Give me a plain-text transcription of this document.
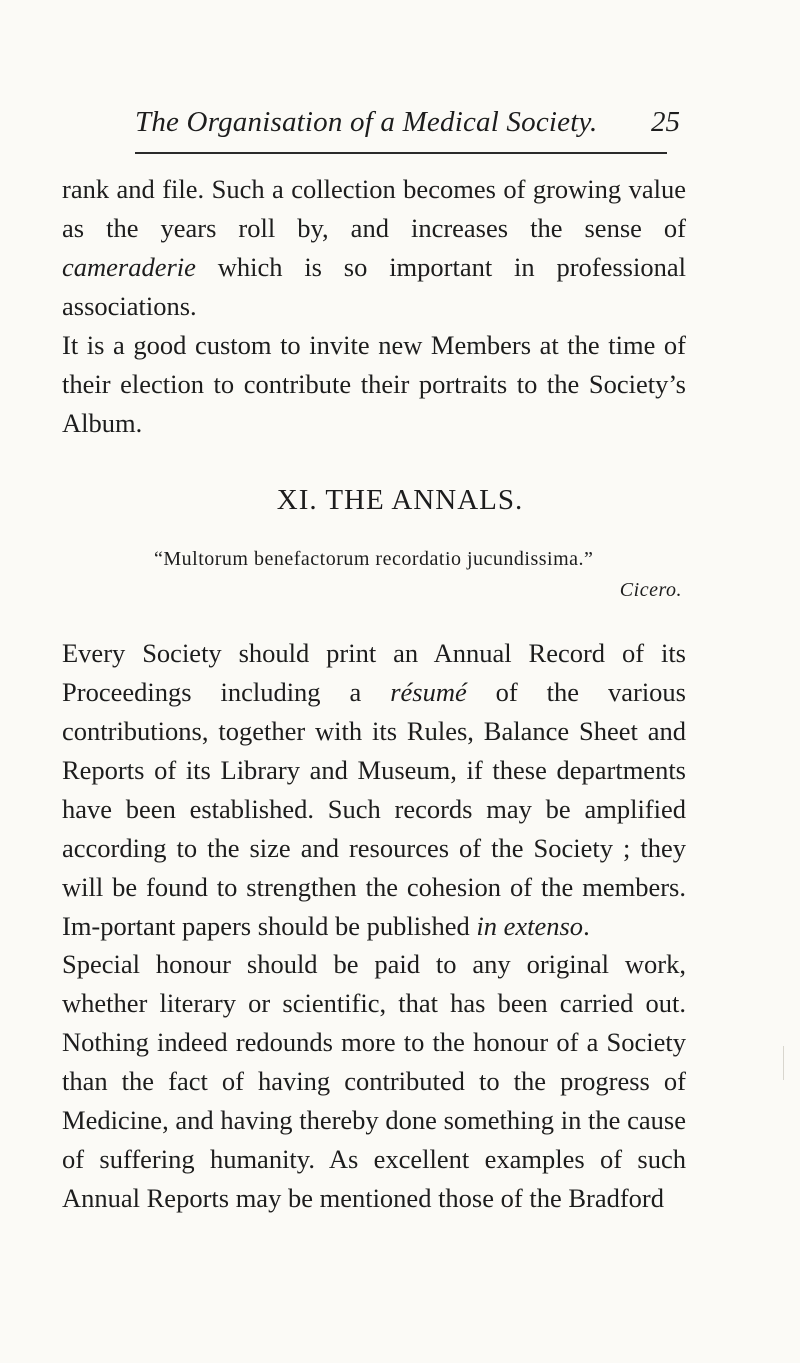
The Organisation of a Medical Society. 25

rank and file. Such a collection becomes of growing value as the years roll by, and increases the sense of cameraderie which is so important in professional associations.

It is a good custom to invite new Members at the time of their election to contribute their portraits to the Society’s Album.

XI. THE ANNALS.
“Multorum benefactorum recordatio jucundissima.”
Cicero.

Every Society should print an Annual Record of its Proceedings including a résumé of the various contributions, together with its Rules, Balance Sheet and Reports of its Library and Museum, if these departments have been established. Such records may be amplified according to the size and resources of the Society ; they will be found to strengthen the cohesion of the members. Im-portant papers should be published in extenso.

Special honour should be paid to any original work, whether literary or scientific, that has been carried out. Nothing indeed redounds more to the honour of a Society than the fact of having contributed to the progress of Medicine, and having thereby done something in the cause of suffering humanity. As excellent examples of such Annual Reports may be mentioned those of the Bradford
